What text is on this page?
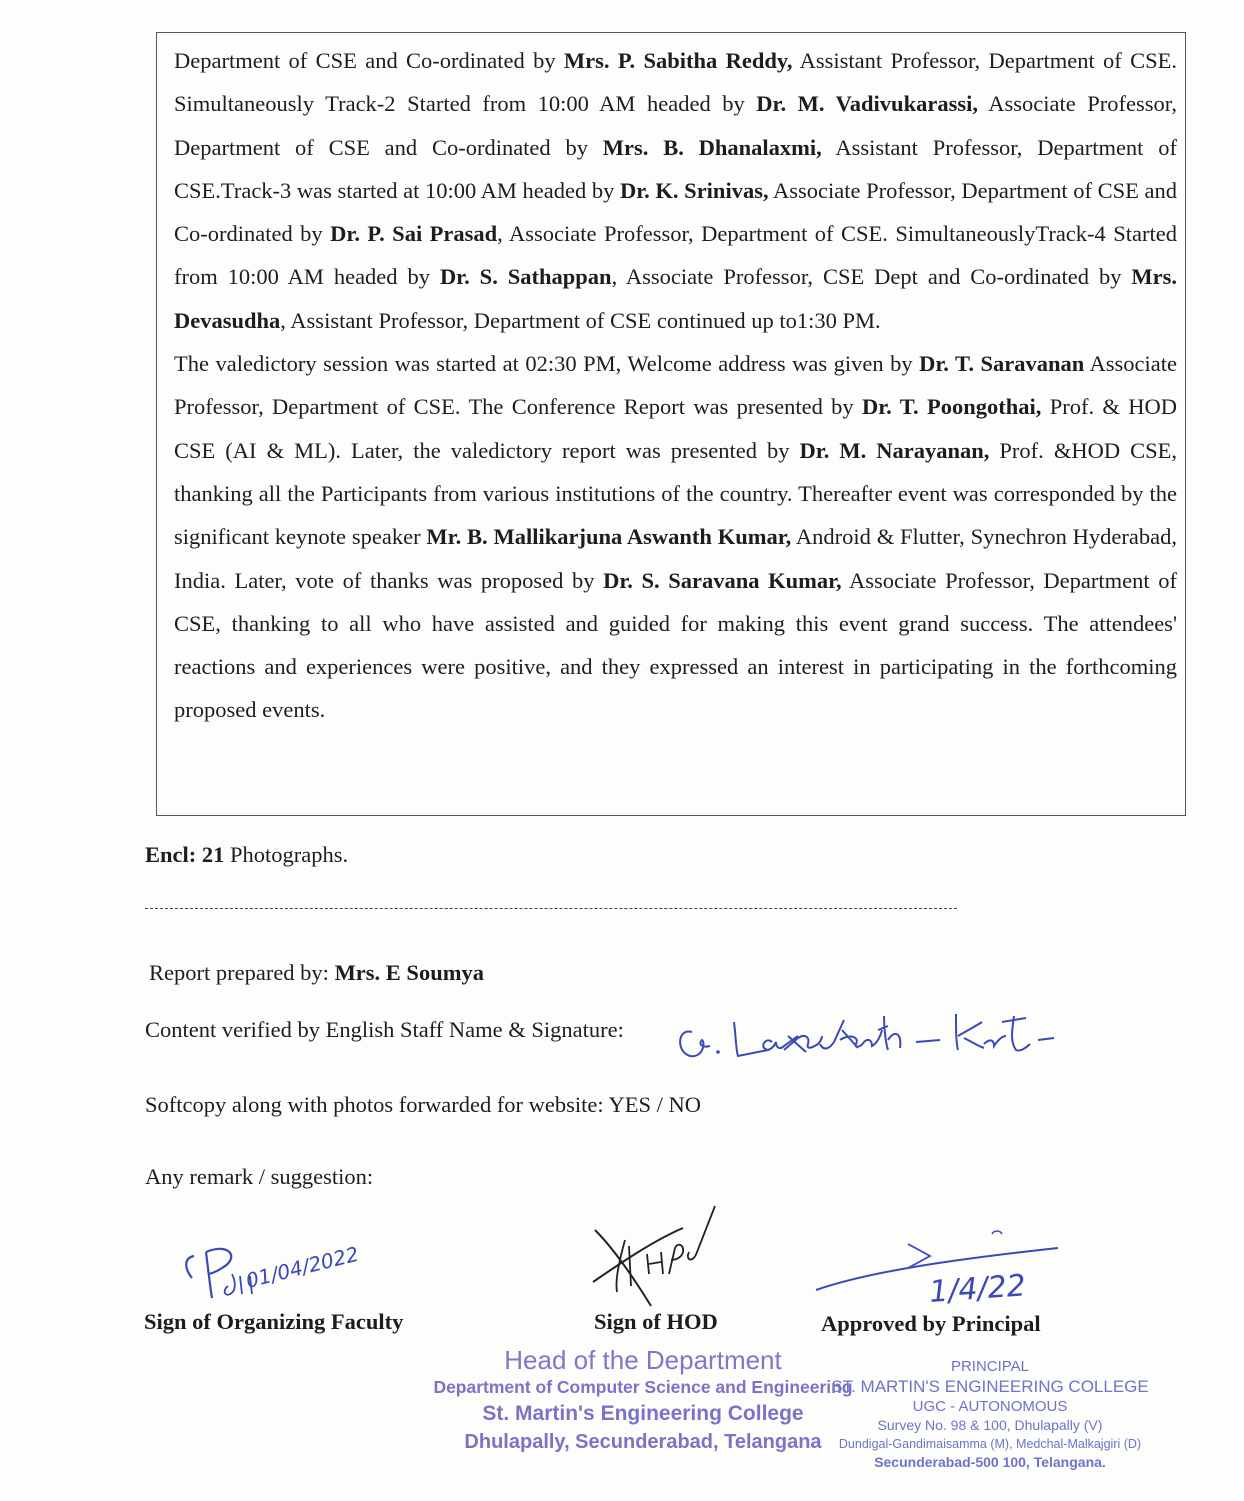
Department of CSE and Co-ordinated by Mrs. P. Sabitha Reddy, Assistant Professor, Department of CSE. Simultaneously Track-2 Started from 10:00 AM headed by Dr. M. Vadivukarassi, Associate Professor, Department of CSE and Co-ordinated by Mrs. B. Dhanalaxmi, Assistant Professor, Department of CSE.Track-3 was started at 10:00 AM headed by Dr. K. Srinivas, Associate Professor, Department of CSE and Co-ordinated by Dr. P. Sai Prasad, Associate Professor, Department of CSE. SimultaneouslyTrack-4 Started from 10:00 AM headed by Dr. S. Sathappan, Associate Professor, CSE Dept and Co-ordinated by Mrs. Devasudha, Assistant Professor, Department of CSE continued up to1:30 PM.

The valedictory session was started at 02:30 PM, Welcome address was given by Dr. T. Saravanan Associate Professor, Department of CSE. The Conference Report was presented by Dr. T. Poongothai, Prof. & HOD CSE (AI & ML). Later, the valedictory report was presented by Dr. M. Narayanan, Prof. &HOD CSE, thanking all the Participants from various institutions of the country. Thereafter event was corresponded by the significant keynote speaker Mr. B. Mallikarjuna Aswanth Kumar, Android & Flutter, Synechron Hyderabad, India. Later, vote of thanks was proposed by Dr. S. Saravana Kumar, Associate Professor, Department of CSE, thanking to all who have assisted and guided for making this event grand success. The attendees' reactions and experiences were positive, and they expressed an interest in participating in the forthcoming proposed events.

Encl: 21 Photographs.
Report prepared by: Mrs. E Soumya
Content verified by English Staff Name & Signature:
G. Laxmikanth - Kamt.
Softcopy along with photos forwarded for website: YES / NO
Any remark / suggestion:
01/04/2022	1/4/22
Sign of Organizing Faculty	Sign of HOD	Approved by Principal
Head of the Department
Department of Computer Science and Engineering
St. Martin's Engineering College
Dhulapally, Secunderabad, Telangana
PRINCIPAL
ST. MARTIN'S ENGINEERING COLLEGE
UGC - AUTONOMOUS
Survey No. 98 & 100, Dhulapally (V)
Dundigal-Gandimaisamma (M), Medchal-Malkajgiri (D)
Secunderabad-500 100, Telangana.
